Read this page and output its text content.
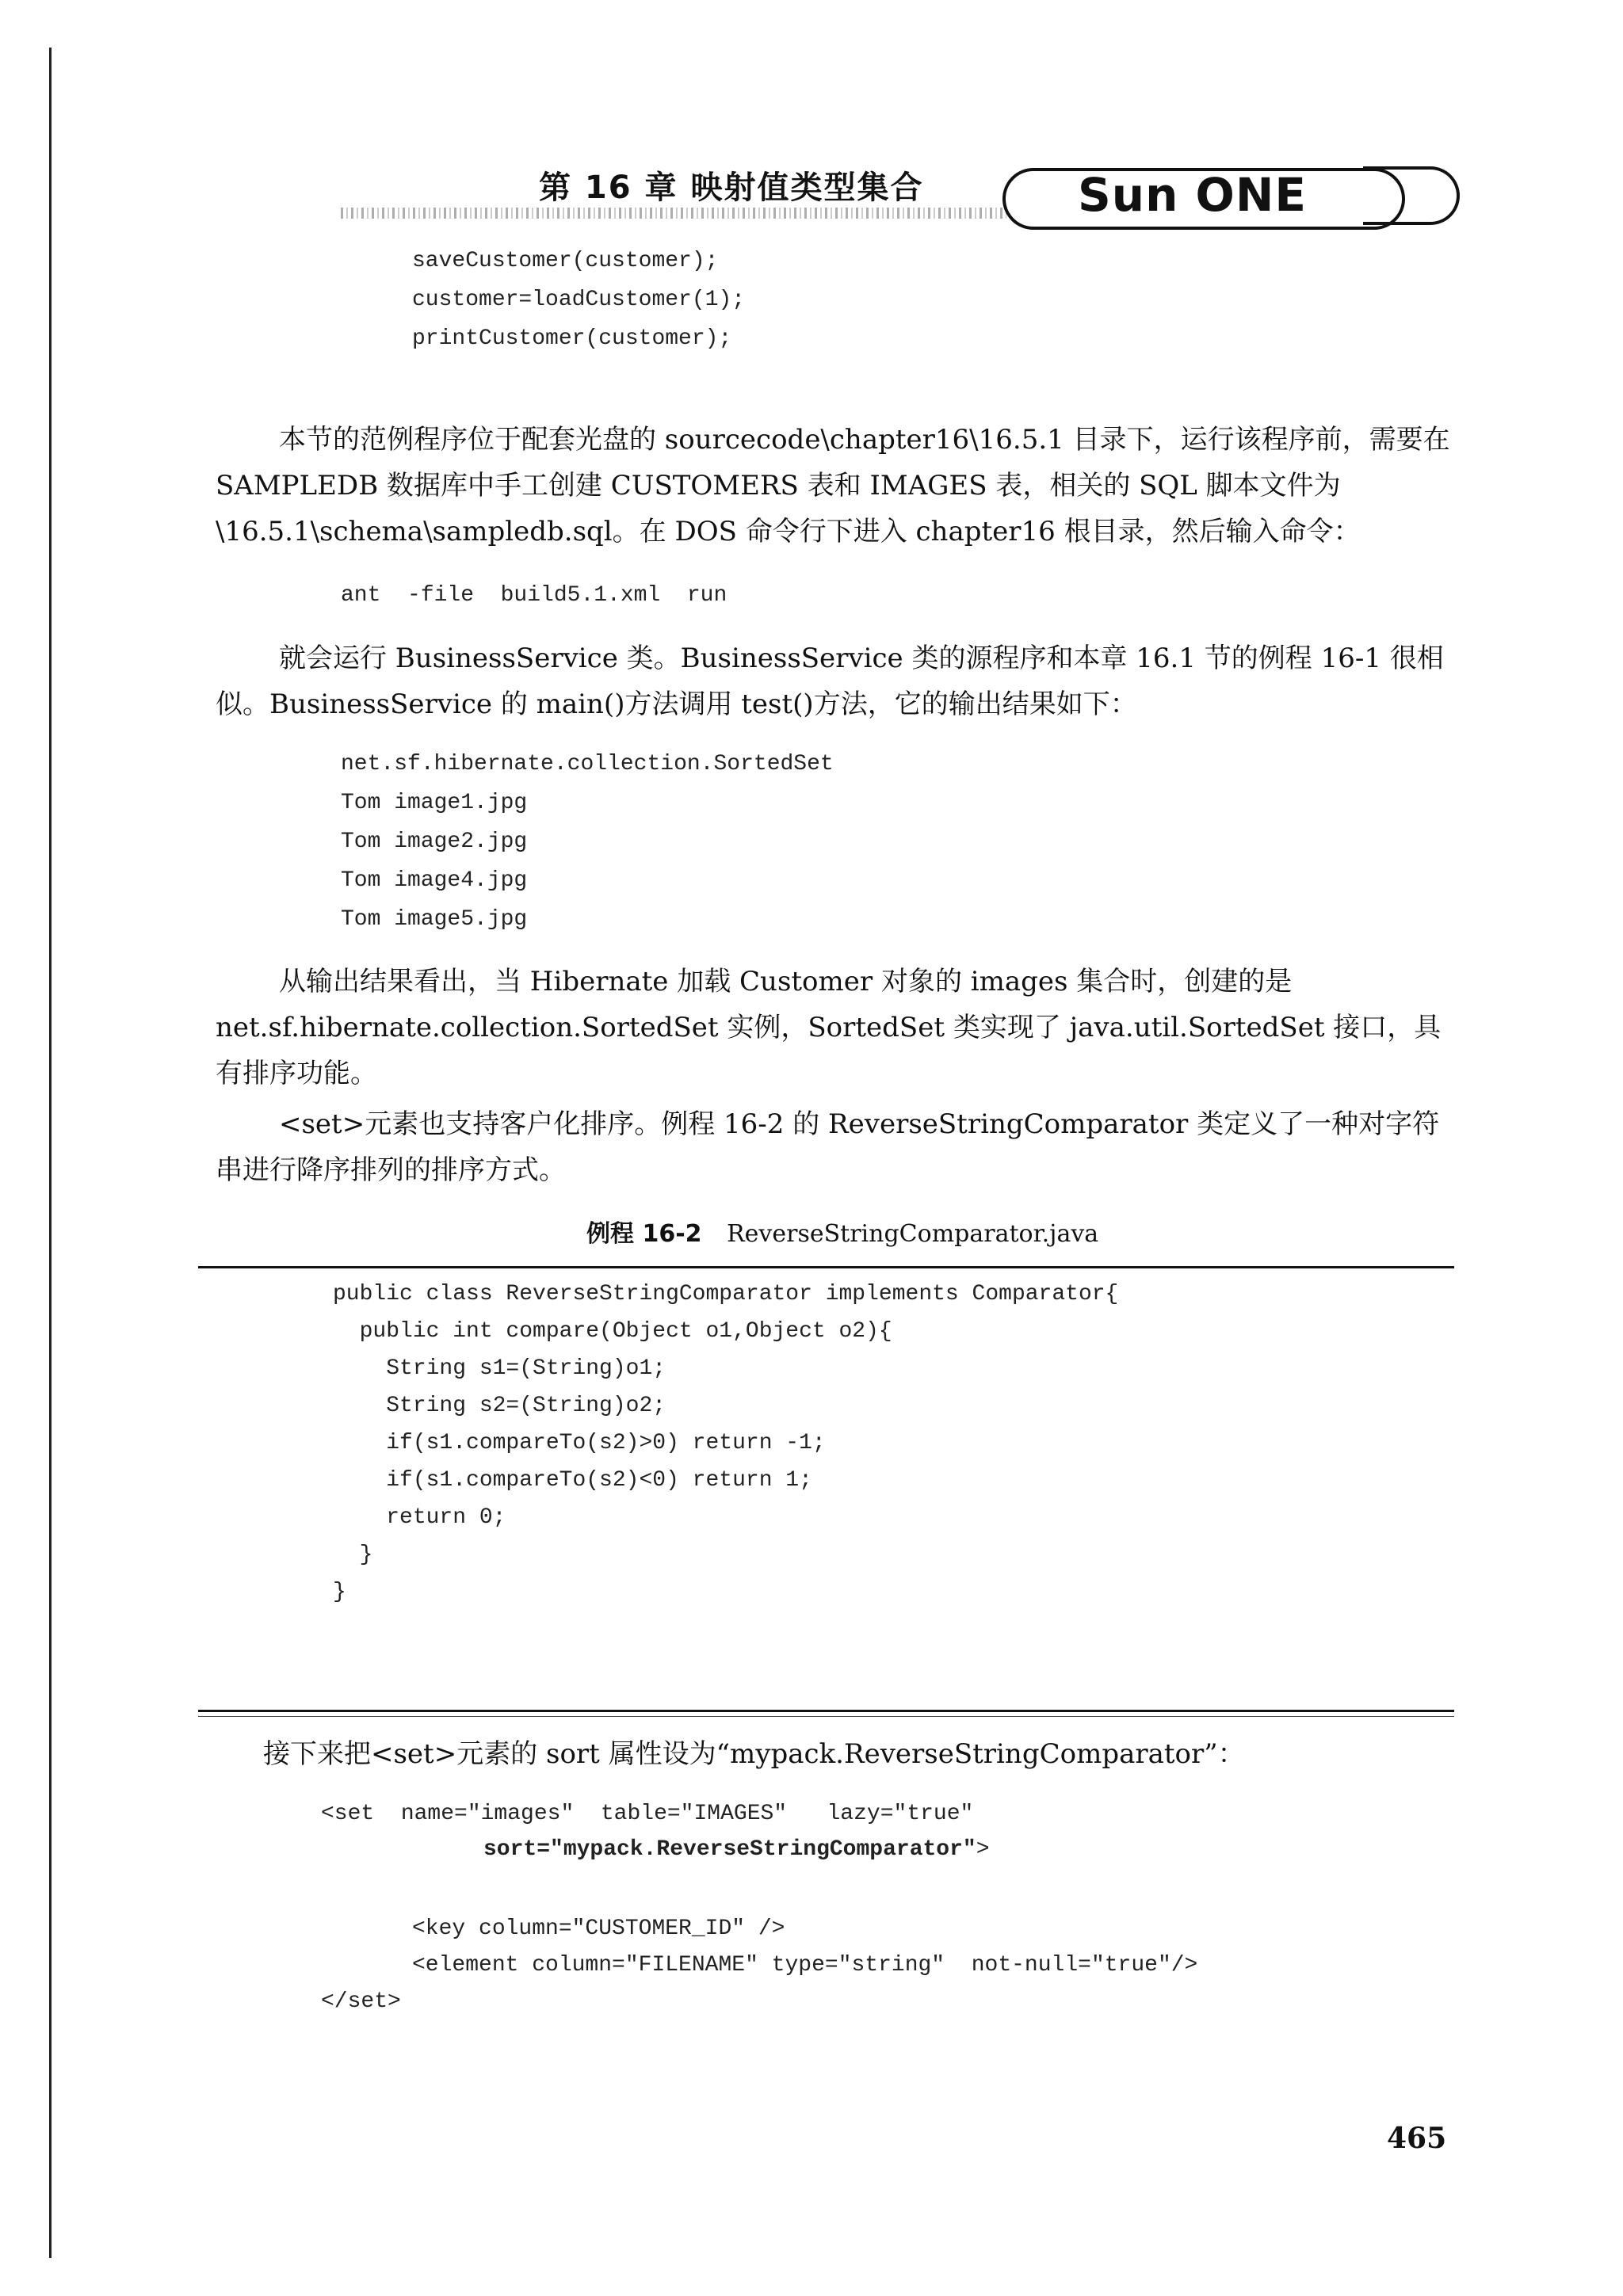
第 16 章 映射值类型集合	Sun ONE
saveCustomer(customer);
customer=loadCustomer(1);
printCustomer(customer);

本节的范例程序位于配套光盘的 sourcecode\chapter16\16.5.1 目录下，运行该程序前，需要在 SAMPLEDB 数据库中手工创建 CUSTOMERS 表和 IMAGES 表，相关的 SQL 脚本文件为\16.5.1\schema\sampledb.sql。在 DOS 命令行下进入 chapter16 根目录，然后输入命令：

ant  -file  build5.1.xml  run

就会运行 BusinessService 类。BusinessService 类的源程序和本章 16.1 节的例程 16-1 很相似。BusinessService 的 main()方法调用 test()方法，它的输出结果如下：

net.sf.hibernate.collection.SortedSet
Tom image1.jpg
Tom image2.jpg
Tom image4.jpg
Tom image5.jpg

从输出结果看出，当 Hibernate 加载 Customer 对象的 images 集合时，创建的是 net.sf.hibernate.collection.SortedSet 实例，SortedSet 类实现了 java.util.SortedSet 接口，具有排序功能。

<set>元素也支持客户化排序。例程 16-2 的 ReverseStringComparator 类定义了一种对字符串进行降序排列的排序方式。

例程 16-2 ReverseStringComparator.java
public class ReverseStringComparator implements Comparator{
public int compare(Object o1,Object o2){
String s1=(String)o1;
String s2=(String)o2;
if(s1.compareTo(s2)>0) return -1;
if(s1.compareTo(s2)<0) return 1;
return 0;
}
}

接下来把<set>元素的 sort 属性设为“mypack.ReverseStringComparator”：

<set  name="images"  table="IMAGES"   lazy="true"
sort="mypack.ReverseStringComparator">
<key column="CUSTOMER_ID" />
<element column="FILENAME" type="string"  not-null="true"/>
</set>
465
